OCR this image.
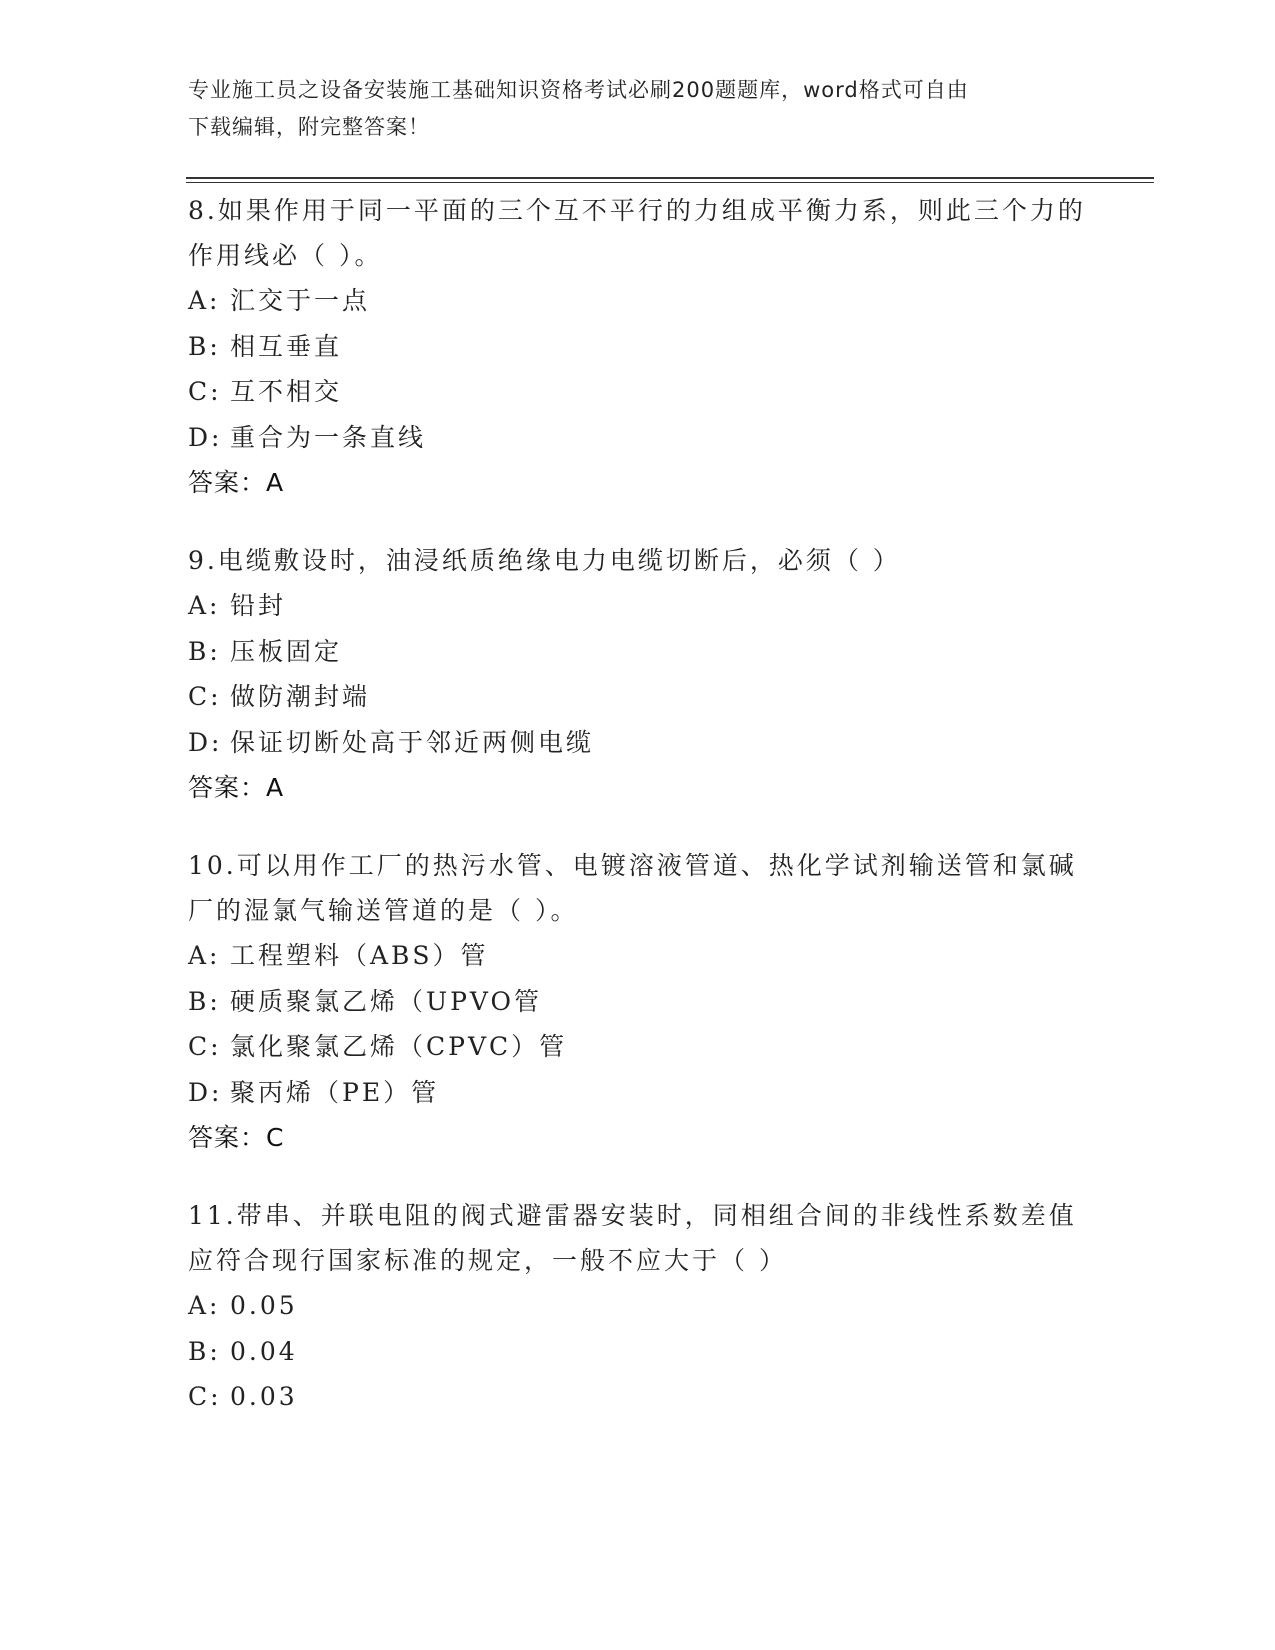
专业施工员之设备安装施工基础知识资格考试必刷200题题库，word格式可自由
下载编辑，附完整答案！
8.如果作用于同一平面的三个互不平行的力组成平衡力系，则此三个力的作用线必（ ）。
A: 汇交于一点
B: 相互垂直
C: 互不相交
D: 重合为一条直线
答案：A
9.电缆敷设时，油浸纸质绝缘电力电缆切断后，必须（ ）
A: 铅封
B: 压板固定
C: 做防潮封端
D: 保证切断处高于邻近两侧电缆
答案：A
10.可以用作工厂的热污水管、电镀溶液管道、热化学试剂输送管和氯碱厂的湿氯气输送管道的是（ ）。
A: 工程塑料（ABS）管
B: 硬质聚氯乙烯（UPVO管
C: 氯化聚氯乙烯（CPVC）管
D: 聚丙烯（PE）管
答案：C
11.带串、并联电阻的阀式避雷器安装时，同相组合间的非线性系数差值应符合现行国家标准的规定，一般不应大于（ ）
A: 0.05
B: 0.04
C: 0.03
